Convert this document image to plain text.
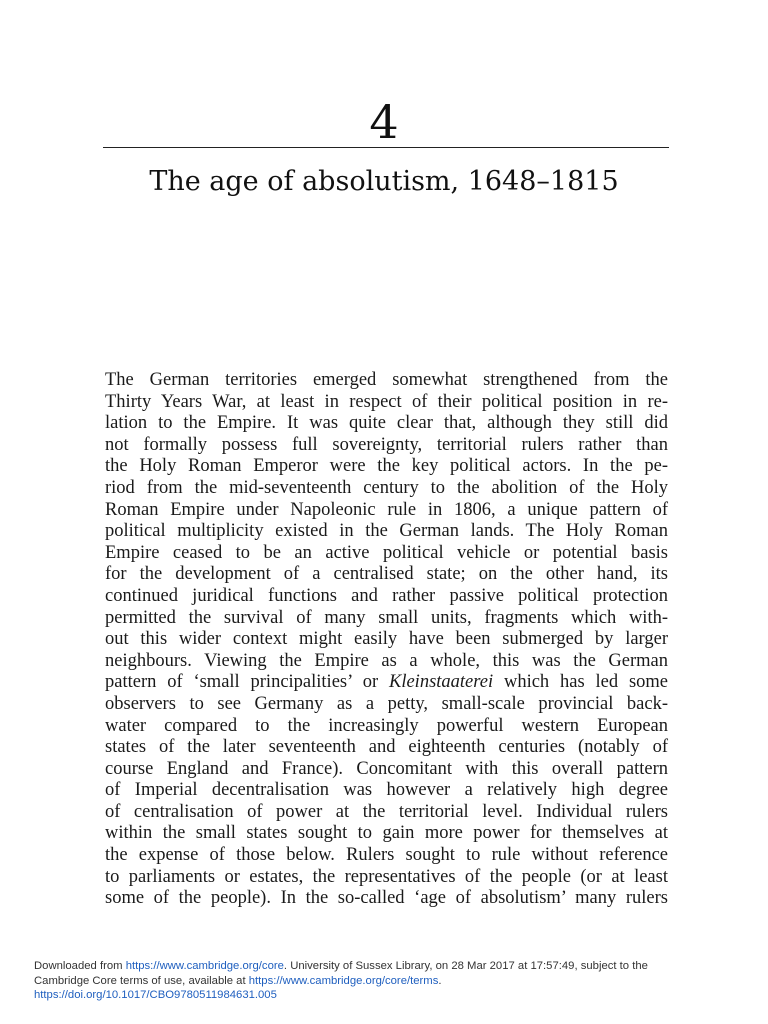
4
The age of absolutism, 1648–1815
The German territories emerged somewhat strengthened from the
Thirty Years War, at least in respect of their political position in re-
lation to the Empire. It was quite clear that, although they still did
not formally possess full sovereignty, territorial rulers rather than
the Holy Roman Emperor were the key political actors. In the pe-
riod from the mid-seventeenth century to the abolition of the Holy
Roman Empire under Napoleonic rule in 1806, a unique pattern of
political multiplicity existed in the German lands. The Holy Roman
Empire ceased to be an active political vehicle or potential basis
for the development of a centralised state; on the other hand, its
continued juridical functions and rather passive political protection
permitted the survival of many small units, fragments which with-
out this wider context might easily have been submerged by larger
neighbours. Viewing the Empire as a whole, this was the German
pattern of ‘small principalities’ or Kleinstaaterei which has led some
observers to see Germany as a petty, small-scale provincial back-
water compared to the increasingly powerful western European
states of the later seventeenth and eighteenth centuries (notably of
course England and France). Concomitant with this overall pattern
of Imperial decentralisation was however a relatively high degree
of centralisation of power at the territorial level. Individual rulers
within the small states sought to gain more power for themselves at
the expense of those below. Rulers sought to rule without reference
to parliaments or estates, the representatives of the people (or at least
some of the people). In the so-called ‘age of absolutism’ many rulers
Downloaded from https://www.cambridge.org/core. University of Sussex Library, on 28 Mar 2017 at 17:57:49, subject to the
Cambridge Core terms of use, available at https://www.cambridge.org/core/terms.
https://doi.org/10.1017/CBO9780511984631.005
